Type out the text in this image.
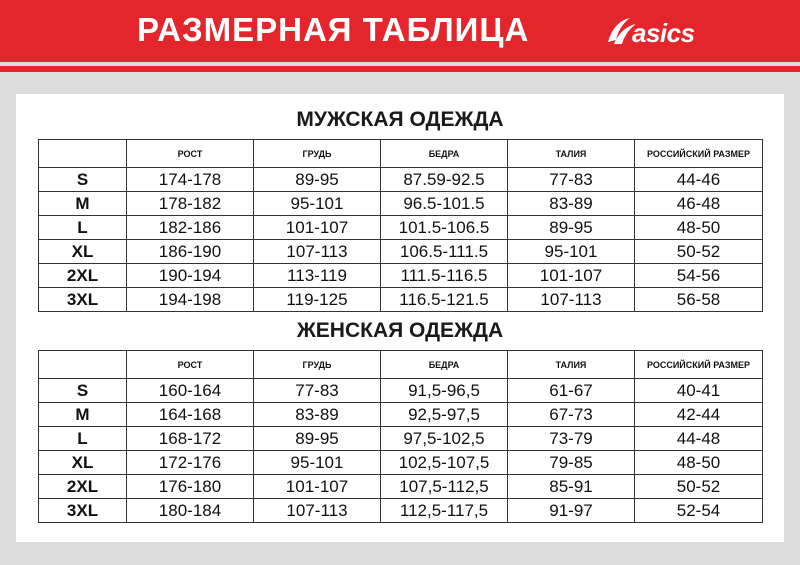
РАЗМЕРНАЯ ТАБЛИЦА	asics
МУЖСКАЯ ОДЕЖДА
	РОСТ	ГРУДЬ	БЕДРА	ТАЛИЯ	РОССИЙСКИЙ РАЗМЕР
S	174-178	89-95	87.59-92.5	77-83	44-46
M	178-182	95-101	96.5-101.5	83-89	46-48
L	182-186	101-107	101.5-106.5	89-95	48-50
XL	186-190	107-113	106.5-111.5	95-101	50-52
2XL	190-194	113-119	111.5-116.5	101-107	54-56
3XL	194-198	119-125	116.5-121.5	107-113	56-58
ЖЕНСКАЯ ОДЕЖДА
	РОСТ	ГРУДЬ	БЕДРА	ТАЛИЯ	РОССИЙСКИЙ РАЗМЕР
S	160-164	77-83	91,5-96,5	61-67	40-41
M	164-168	83-89	92,5-97,5	67-73	42-44
L	168-172	89-95	97,5-102,5	73-79	44-48
XL	172-176	95-101	102,5-107,5	79-85	48-50
2XL	176-180	101-107	107,5-112,5	85-91	50-52
3XL	180-184	107-113	112,5-117,5	91-97	52-54
